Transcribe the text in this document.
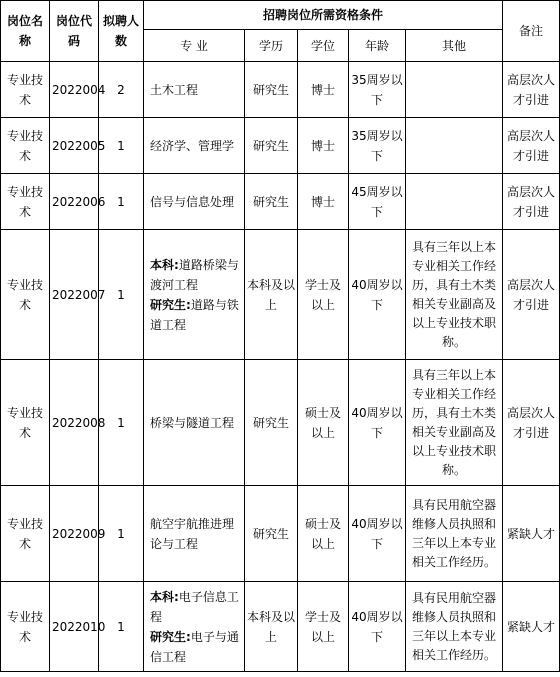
岗位名称	岗位代码	拟聘人数	招聘岗位所需资格条件					备注
			专 业	学历	学位	年龄	其他	
专业技术	2022004	2	土木工程	研究生	博士	35周岁以下		高层次人才引进
专业技术	2022005	1	经济学、管理学	研究生	博士	35周岁以下		高层次人才引进
专业技术	2022006	1	信号与信息处理	研究生	博士	45周岁以下		高层次人才引进
专业技术	2022007	1	本科:道路桥梁与渡河工程
研究生:道路与铁道工程	本科及以上	学士及以上	40周岁以下	具有三年以上本专业相关工作经历，具有土木类相关专业副高及以上专业技术职称。	高层次人才引进
专业技术	2022008	1	桥梁与隧道工程	研究生	硕士及以上	40周岁以下	具有三年以上本专业相关工作经历，具有土木类相关专业副高及以上专业技术职称。	高层次人才引进
专业技术	2022009	1	航空宇航推进理论与工程	研究生	硕士及以上	40周岁以下	具有民用航空器维修人员执照和三年以上本专业相关工作经历。	紧缺人才
专业技术	2022010	1	本科:电子信息工程
研究生:电子与通信工程	本科及以上	学士及以上	40周岁以下	具有民用航空器维修人员执照和三年以上本专业相关工作经历。	紧缺人才
